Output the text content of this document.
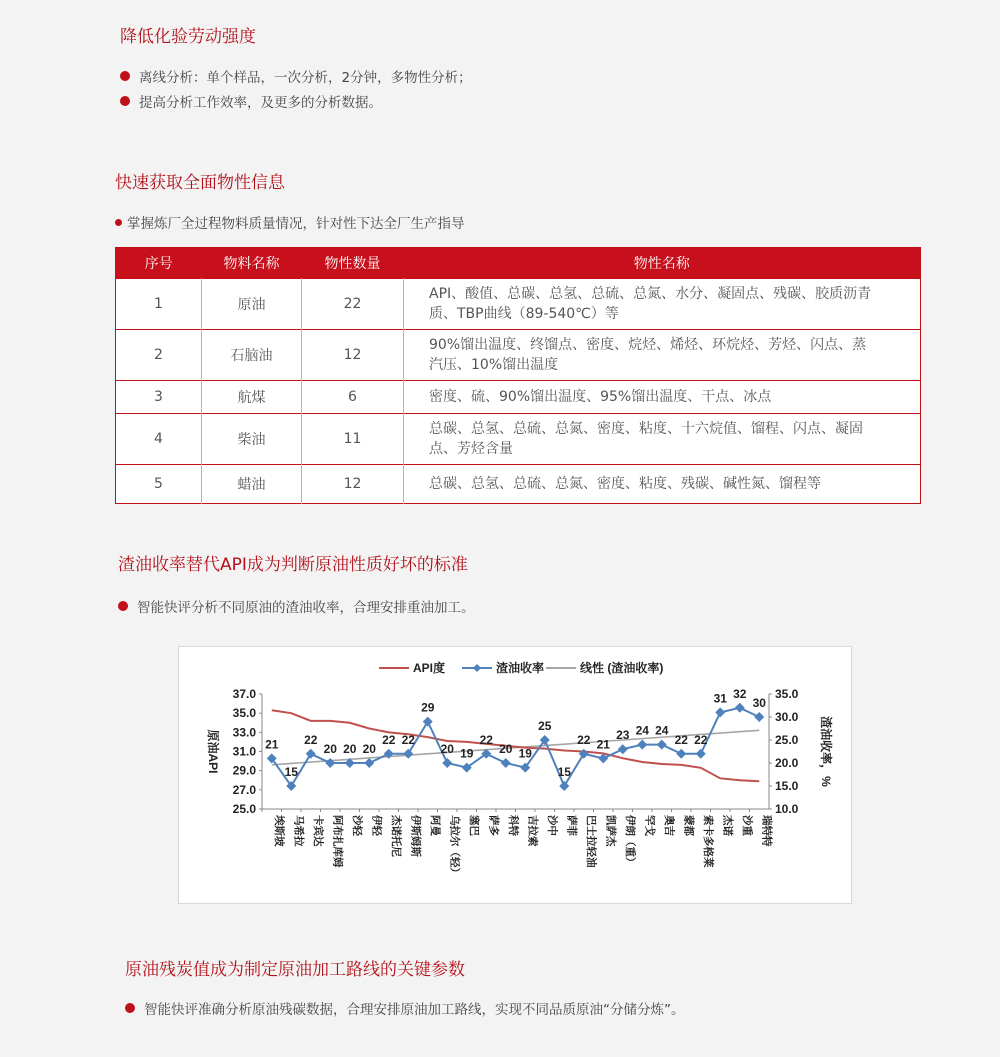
降低化验劳动强度
离线分析：单个样品，一次分析，2分钟，多物性分析；
提高分析工作效率，及更多的分析数据。
快速获取全面物性信息
掌握炼厂全过程物料质量情况，针对性下达全厂生产指导
序号	物料名称	物性数量	物性名称
1	原油	22	API、酸值、总碳、总氢、总硫、总氮、水分、凝固点、残碳、胶质沥青质、TBP曲线（89-540℃）等
2	石脑油	12	90%馏出温度、终馏点、密度、烷烃、烯烃、环烷烃、芳烃、闪点、蒸汽压、10%馏出温度
3	航煤	6	密度、硫、90%馏出温度、95%馏出温度、干点、冰点
4	柴油	11	总碳、总氢、总硫、总氮、密度、粘度、十六烷值、馏程、闪点、凝固点、芳烃含量
5	蜡油	12	总碳、总氢、总硫、总氮、密度、粘度、残碳、碱性氮、馏程等
渣油收率替代API成为判断原油性质好坏的标准
智能快评分析不同原油的渣油收率，合理安排重油加工。
37.0
35.0
33.0
31.0
29.0
27.0
25.0
35.0
30.0
25.0
20.0
15.0
10.0
原油API	渣油收率，%
埃斯坡 马希拉 卡宾达 阿布扎库姆 沙轻 伊轻 杰诺托尼 伊斯姆斯 阿曼 乌拉尔（轻） 塞巴 萨多 科特 吉拉索 沙中 萨菲 巴士拉轻油 凯萨杰 伊朗（重） 罕戈 奥吉 蒙都 索卡多格莱 杰诺 沙重 瑞特特
21
15
22
20 20 20
22 22
29
20 19
22
20 19
25
15
22 21
23 24 24
22 22
31 32
30
API度	渣油收率	线性 (渣油收率)
原油残炭值成为制定原油加工路线的关键参数
智能快评准确分析原油残碳数据，合理安排原油加工路线，实现不同品质原油“分储分炼”。
